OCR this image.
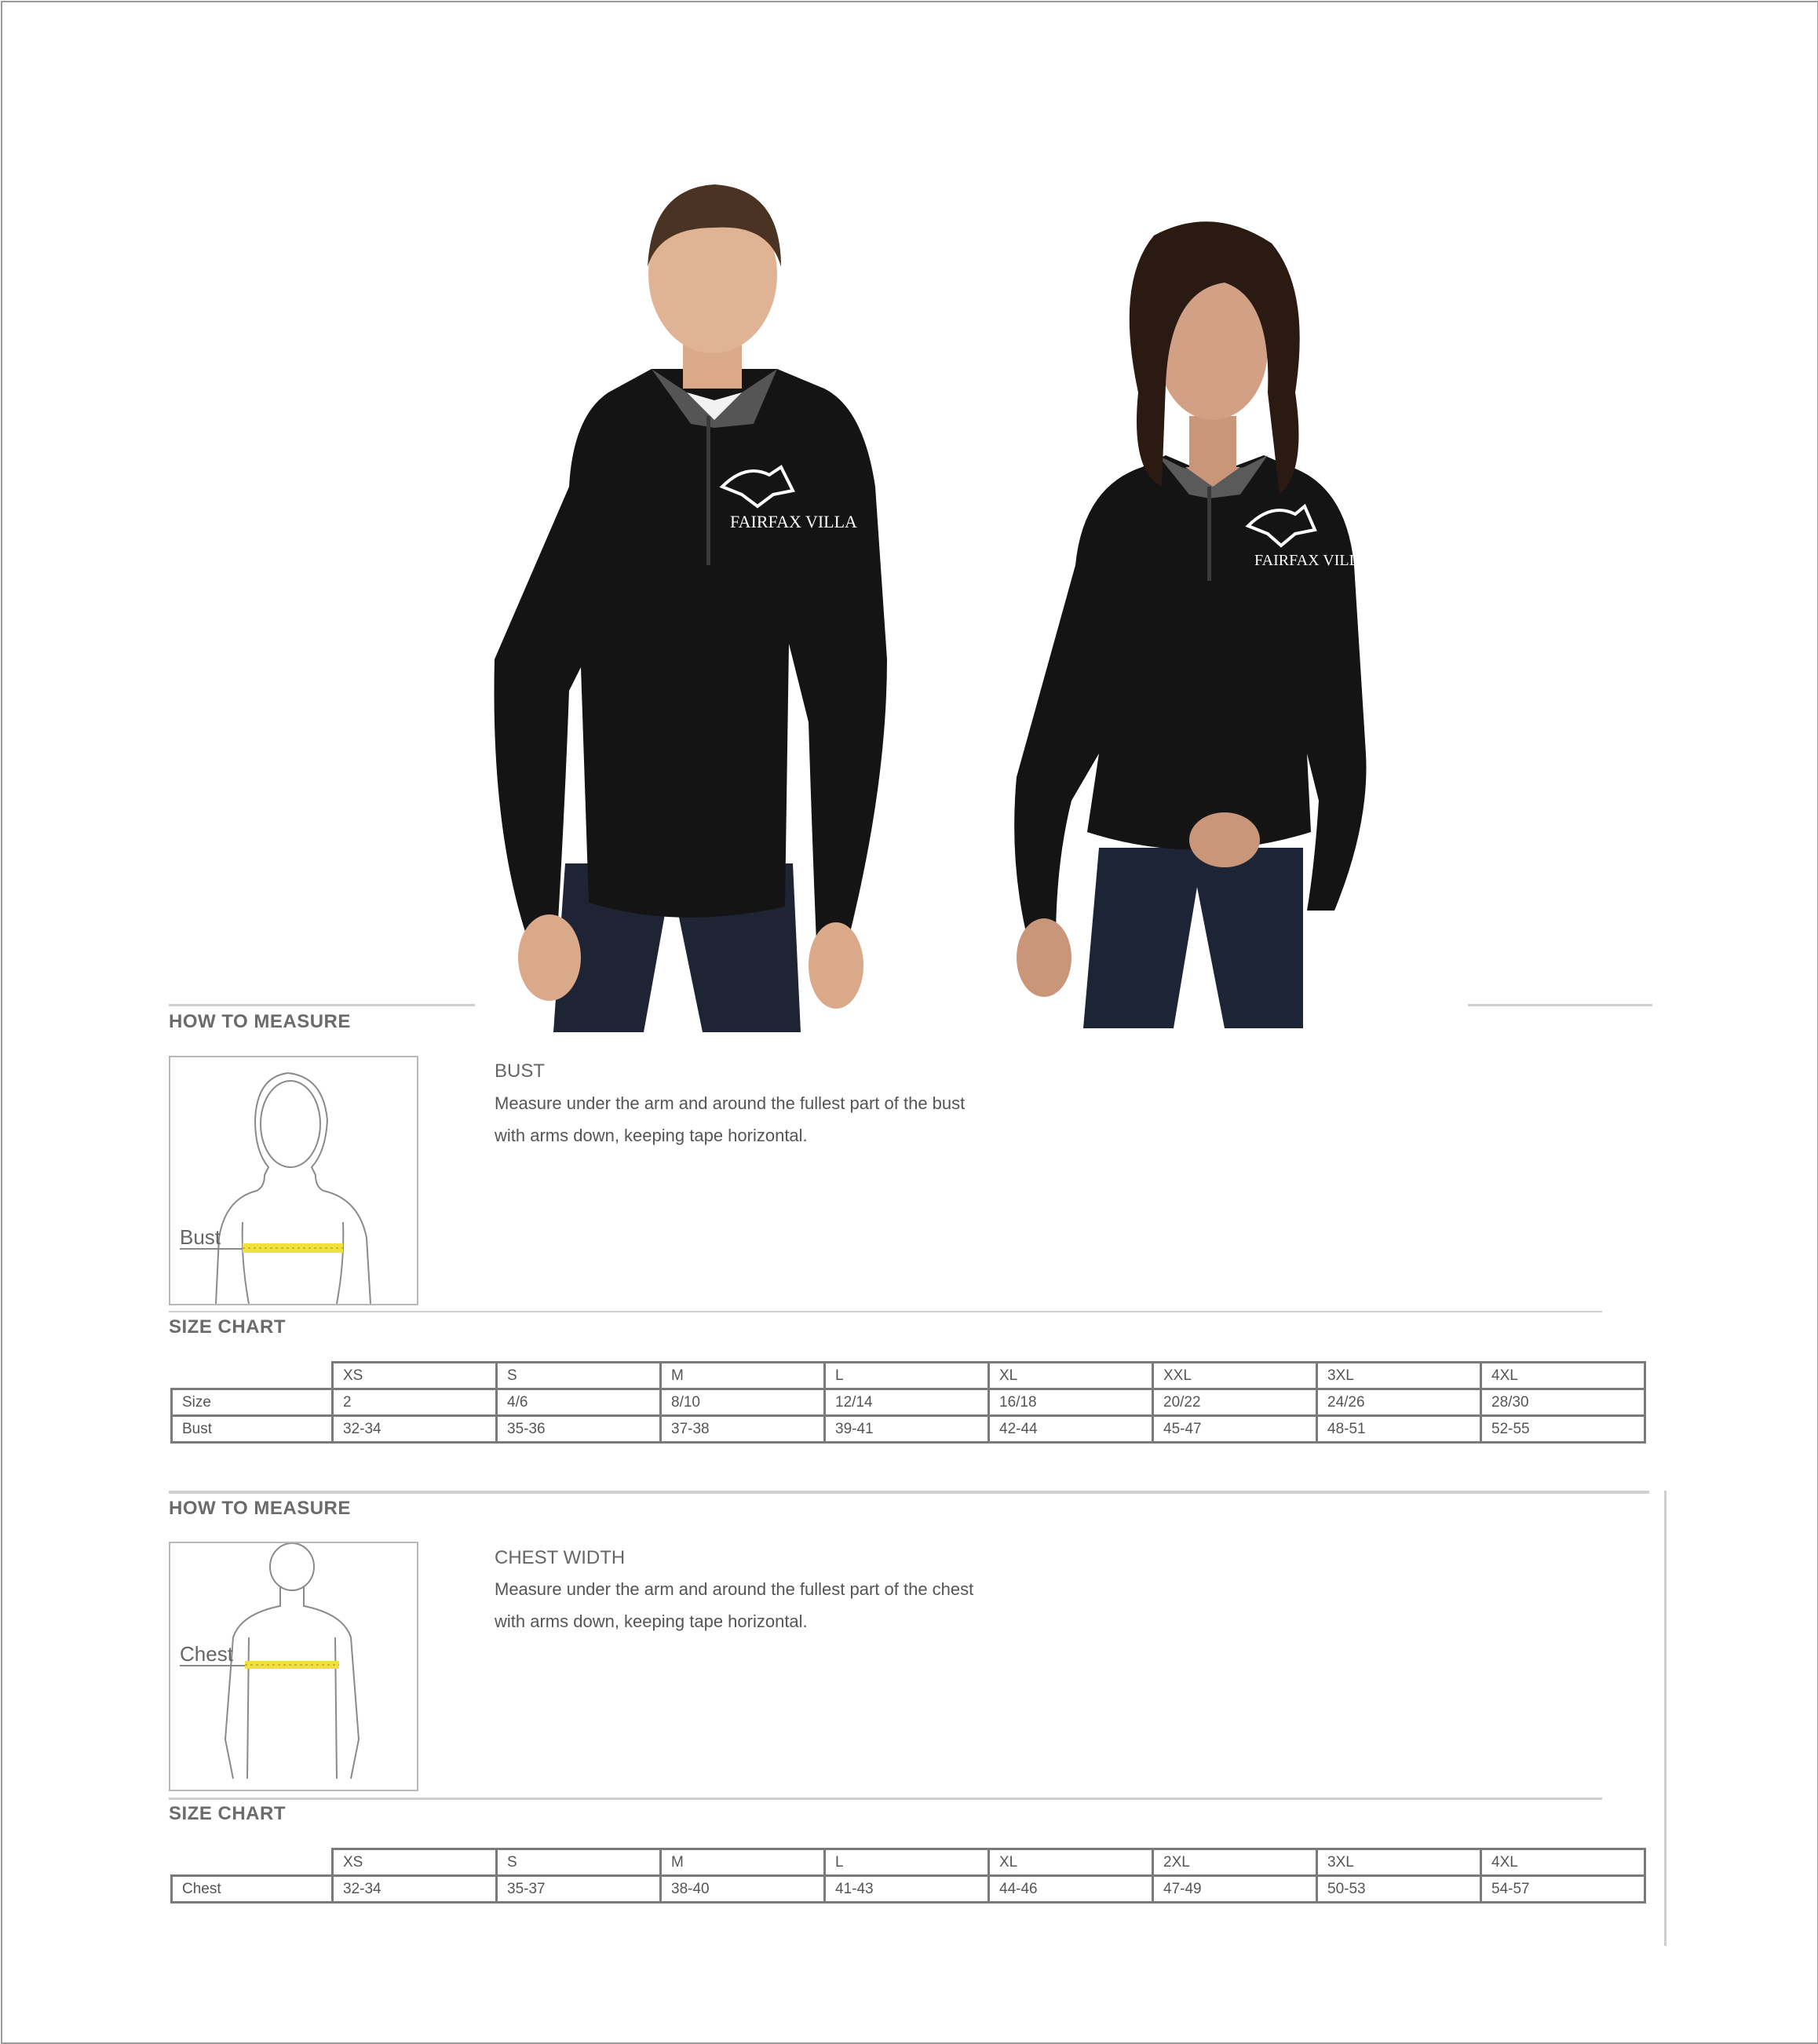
FAIRFAX VILLA
FAIRFAX VILLA
HOW TO MEASURE
Bust
BUST
Measure under the arm and around the fullest part of the bust
with arms down, keeping tape horizontal.
SIZE CHART
	XS	S	M	L	XL	XXL	3XL	4XL
Size	2	4/6	8/10	12/14	16/18	20/22	24/26	28/30
Bust	32-34	35-36	37-38	39-41	42-44	45-47	48-51	52-55
HOW TO MEASURE
Chest
CHEST WIDTH
Measure under the arm and around the fullest part of the chest
with arms down, keeping tape horizontal.
SIZE CHART
	XS	S	M	L	XL	2XL	3XL	4XL
Chest	32-34	35-37	38-40	41-43	44-46	47-49	50-53	54-57
